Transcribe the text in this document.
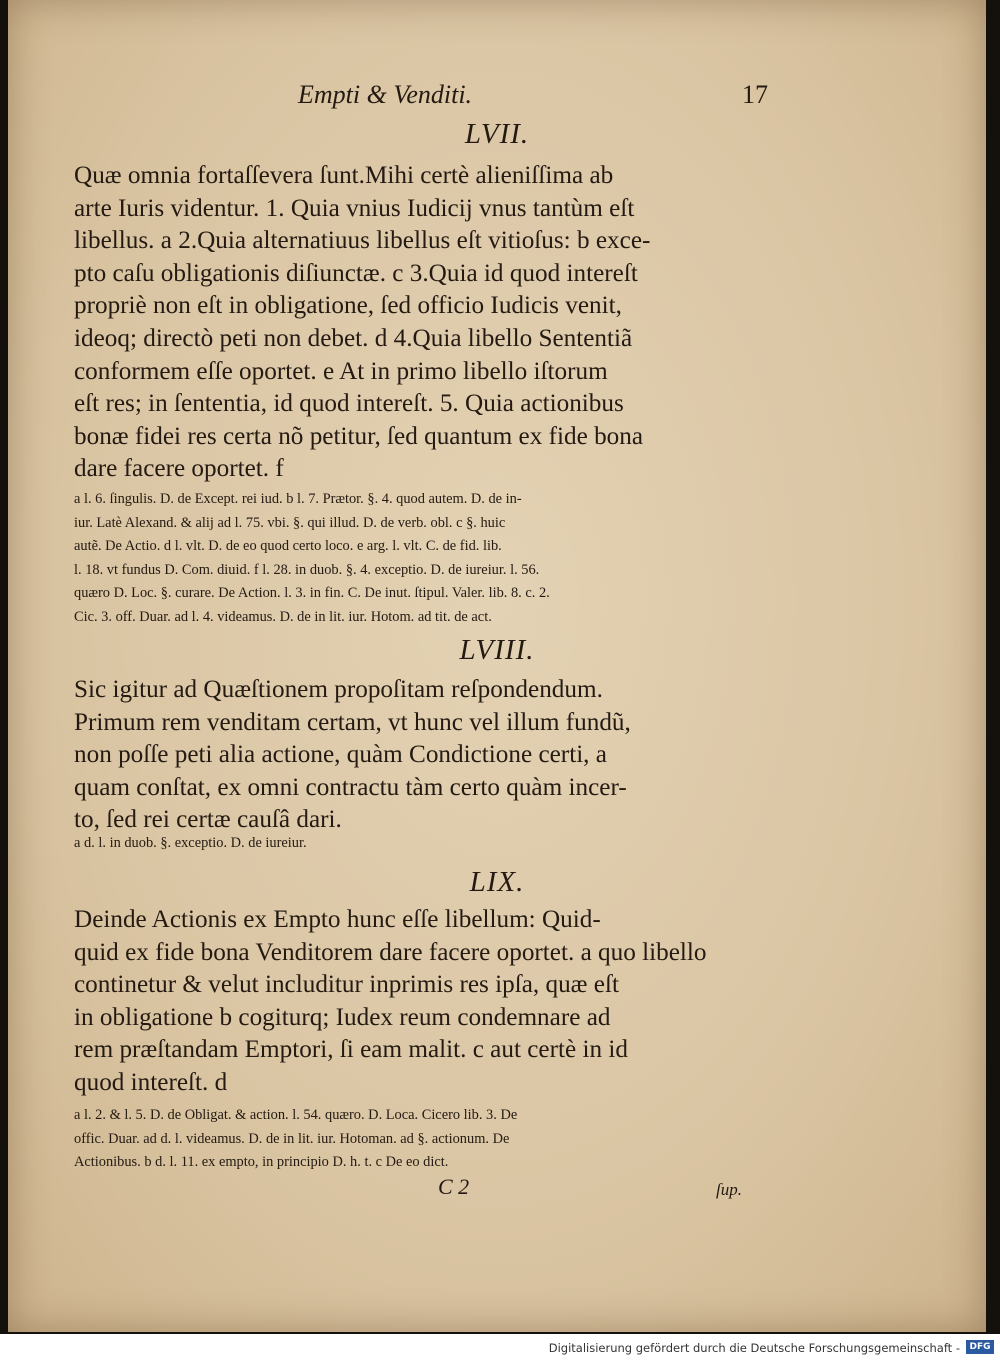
Empti & Venditi.	17
LVII.

Quæ omnia fortaſſevera ſunt.Mihi certè alieniſſima ab
arte Iuris videntur. 1. Quia vnius Iudicij vnus tantùm eſt
libellus. a 2.Quia alternatiuus libellus eſt vitioſus: b exce-
pto caſu obligationis diſiunctæ. c 3.Quia id quod intereſt
propriè non eſt in obligatione, ſed officio Iudicis venit,
ideoq; directò peti non debet. d 4.Quia libello Sententiã
conformem eſſe oportet. e At in primo libello iſtorum
eſt res; in ſententia, id quod intereſt. 5. Quia actionibus
bonæ fidei res certa nõ petitur, ſed quantum ex fide bona
dare facere oportet. f

a l. 6. ſingulis. D. de Except. rei iud. b l. 7. Prætor. §. 4. quod autem. D. de in-
iur. Latè Alexand. & alij ad l. 75. vbi. §. qui illud. D. de verb. obl. c §. huic
autẽ. De Actio. d l. vlt. D. de eo quod certo loco. e arg. l. vlt. C. de fid. lib.
l. 18. vt fundus D. Com. diuid. f l. 28. in duob. §. 4. exceptio. D. de iureiur. l. 56.
quæro D. Loc. §. curare. De Action. l. 3. in fin. C. De inut. ſtipul. Valer. lib. 8. c. 2.
Cic. 3. off. Duar. ad l. 4. videamus. D. de in lit. iur. Hotom. ad tit. de act.

LVIII.

Sic igitur ad Quæſtionem propoſitam reſpondendum.
Primum rem venditam certam, vt hunc vel illum fundũ,
non poſſe peti alia actione, quàm Condictione certi, a
quam conſtat, ex omni contractu tàm certo quàm incer-
to, ſed rei certæ cauſâ dari.

a d. l. in duob. §. exceptio. D. de iureiur.

LIX.

Deinde Actionis ex Empto hunc eſſe libellum: Quid-
quid ex fide bona Venditorem dare facere oportet. a quo libello
continetur & velut includitur inprimis res ipſa, quæ eſt
in obligatione b cogiturq; Iudex reum condemnare ad
rem præſtandam Emptori, ſi eam malit. c aut certè in id
quod intereſt. d

a l. 2. & l. 5. D. de Obligat. & action. l. 54. quæro. D. Loca. Cicero lib. 3. De
offic. Duar. ad d. l. videamus. D. de in lit. iur. Hotoman. ad §. actionum. De
Actionibus. b d. l. 11. ex empto, in principio D. h. t. c De eo dict.

C 2	ſup.
Digitalisierung gefördert durch die Deutsche Forschungsgemeinschaft -	DFG
